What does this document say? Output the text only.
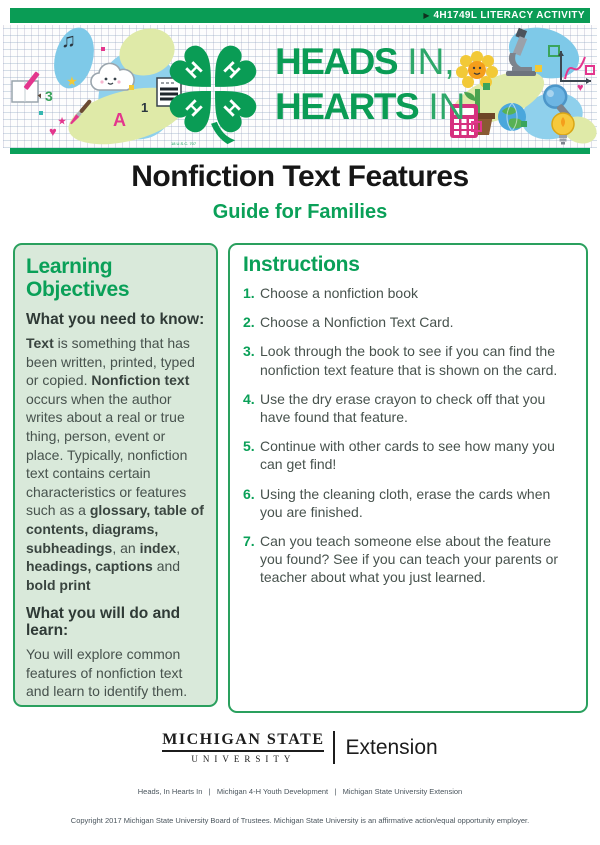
▶ 4H1749L LITERACY ACTIVITY
♫
3
★
★
1
A
♥
H
18 U.S.C. 707
HEADS IN,
HEARTS IN	♥
Nonfiction Text Features
Guide for Families
Learning Objectives
What you need to know:

Text is something that has been written, printed, typed or copied. Nonfiction text occurs when the author writes about a real or true thing, person, event or place. Typically, nonfiction text contains certain characteristics or features such as a glossary, table of contents, diagrams, subheadings, an index, headings, captions and bold print

What you will do and learn:

You will explore common features of nonfiction text and learn to identify them.

Instructions
1. Choose a nonfiction book
2. Choose a Nonfiction Text Card.
3. Look through the book to see if you can find the nonfiction text feature that is shown on the card.
4. Use the dry erase crayon to check off that you have found that feature.
5. Continue with other cards to see how many you can get find!
6. Using the cleaning cloth, erase the cards when you are finished.
7. Can you teach someone else about the feature you found? See if you can teach your parents or teacher about what you just learned.
MICHIGAN STATE
UNIVERSITY
Extension

Heads, In Hearts In   |   Michigan 4-H Youth Development   |   Michigan State University Extension

Copyright 2017 Michigan State University Board of Trustees. Michigan State University is an affirmative action/equal opportunity employer.
